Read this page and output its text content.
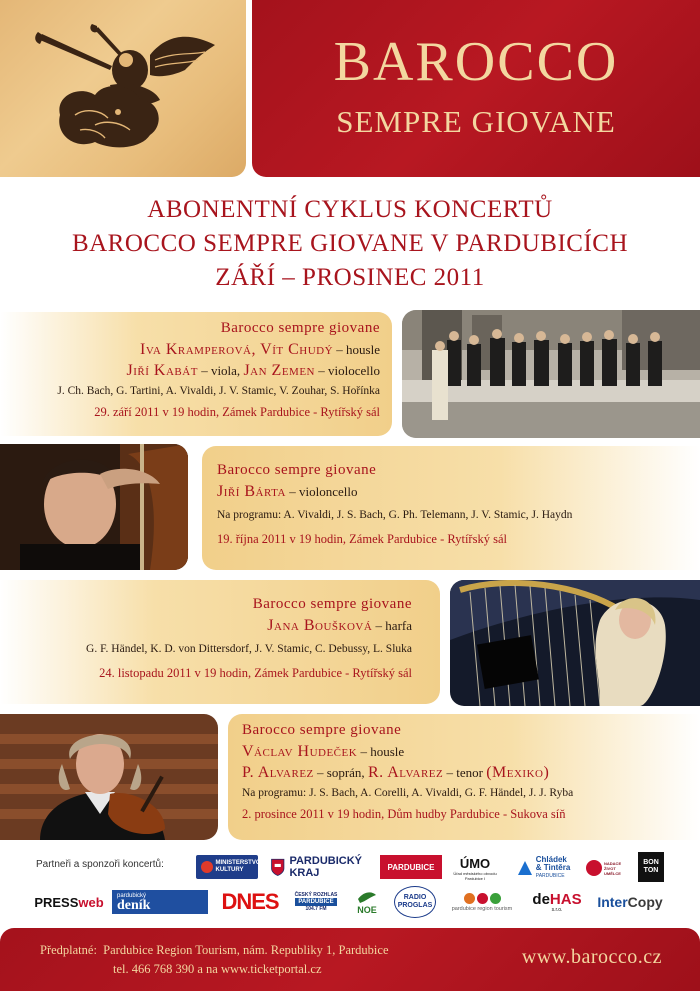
BAROCCO
SEMPRE GIOVANE
ABONENTNÍ CYKLUS KONCERTŮ
BAROCCO SEMPRE GIOVANE V PARDUBICÍCH
ZÁŘÍ – PROSINEC 2011
Barocco sempre giovane
Iva Kramperová, Vít Chudý – housle
Jiří Kabát – viola, Jan Zemen – violocello
J. Ch. Bach, G. Tartini, A. Vivaldi, J. V. Stamic, V. Zouhar, S. Hořínka
29. září 2011 v 19 hodin, Zámek Pardubice - Rytířský sál
Barocco sempre giovane
Jiří Bárta – violoncello
Na programu: A. Vivaldi, J. S. Bach, G. Ph. Telemann, J. V. Stamic, J. Haydn
19. října 2011 v 19 hodin, Zámek Pardubice - Rytířský sál
Barocco sempre giovane
Jana Boušková – harfa
G. F. Händel, K. D. von Dittersdorf, J. V. Stamic, C. Debussy, L. Sluka
24. listopadu 2011 v 19 hodin, Zámek Pardubice - Rytířský sál
Barocco sempre giovane
Václav Hudeček – housle
P. Alvarez – soprán, R. Alvarez – tenor (Mexiko)
Na programu: J. S. Bach, A. Corelli, A. Vivaldi, G. F. Händel, J. J. Ryba
2. prosince 2011 v 19 hodin, Dům hudby Pardubice - Sukova síň
Partneři a sponzoři koncertů:	MINISTERSTVO KULTURY
PARDUBICKÝ
KRAJ	PARDUBICE ÚMO
Úřad městského obvodu Pardubice I
Chládek
& Tintěra
PARDUBICE
NADACE ŽIVOT UMĚLCE
BON TON
PRESS web pardubický
deník	DNES	ČESKÝ ROZHLAS
PARDUBICE
104.7 FM	NOE
RADIO
PROGLAS	pardubice region tourism
deHAS
s.r.o. Inter Copy
Předplatné:  Pardubice Region Tourism, nám. Republiky 1, Pardubice
tel. 466 768 390 a na www.ticketportal.cz
www.barocco.cz
